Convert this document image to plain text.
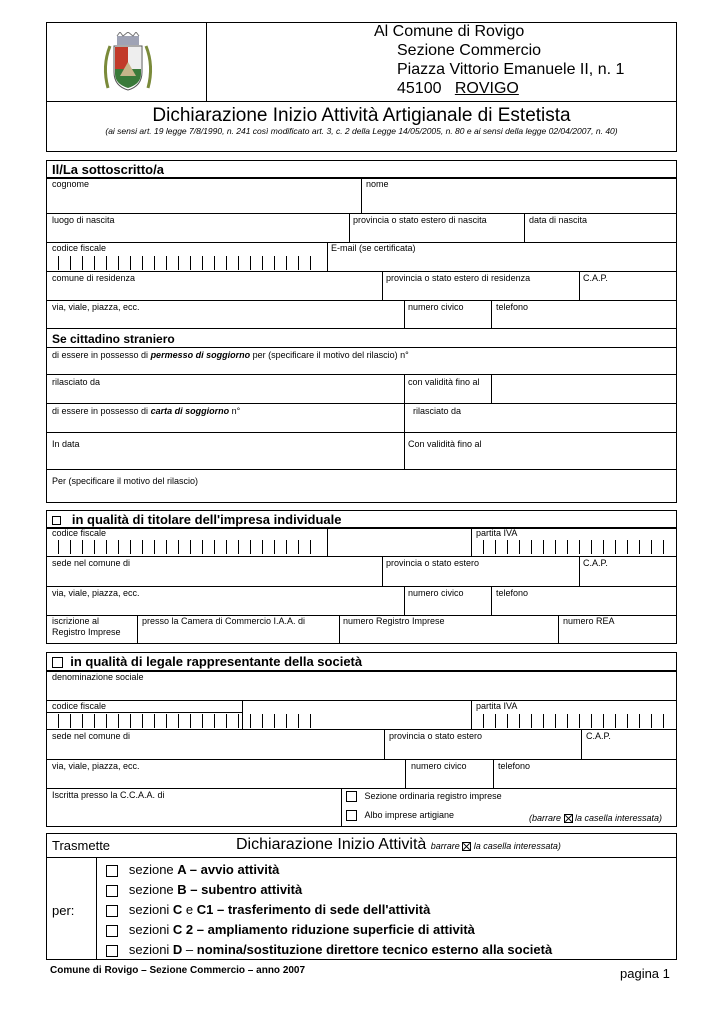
Al Comune di Rovigo
Sezione Commercio
Piazza Vittorio Emanuele II, n. 1
45100 ROVIGO
Dichiarazione Inizio Attività Artigianale di Estetista
(ai sensi art. 19 legge 7/8/1990, n. 241 così modificato art. 3, c. 2 della Legge 14/05/2005, n. 80 e ai sensi della legge 02/04/2007, n. 40)
Il/La sottoscritto/a
cognome	nome
luogo di nascita	provincia o stato estero di nascita	data di nascita
codice fiscale	E-mail (se certificata)
comune di residenza	provincia o stato estero di residenza	C.A.P.
via, viale, piazza, ecc.	numero civico	telefono
Se cittadino straniero
di essere in possesso di permesso di soggiorno per (specificare il motivo del rilascio) n°
rilasciato da	con validità fino al
di essere in possesso di carta di soggiorno n°	rilasciato da
In data	Con validità fino al
Per (specificare il motivo del rilascio)
in qualità di titolare dell'impresa individuale
codice fiscale	partita IVA
sede nel comune di	provincia o stato estero	C.A.P.
via, viale, piazza, ecc.	numero civico	telefono
iscrizione al
Registro Imprese
presso la Camera di Commercio I.A.A. di	numero Registro Imprese	numero REA
in qualità di legale rappresentante della società
denominazione sociale
codice fiscale	partita IVA
sede nel comune di	provincia o stato estero	C.A.P.
via, viale, piazza, ecc.	numero civico	telefono
Iscritta presso la C.C.A.A. di	Sezione ordinaria registro imprese
Albo imprese artigiane	(barrare  la casella interessata)
Trasmette	Dichiarazione Inizio Attività barrare  la casella interessata)
per:
sezione A – avvio attività
sezione B – subentro attività
sezioni C e C1 – trasferimento di sede dell'attività
sezioni C 2 – ampliamento riduzione superficie di attività
sezioni D – nomina/sostituzione direttore tecnico esterno alla società
Comune di Rovigo – Sezione Commercio – anno 2007	pagina 1
